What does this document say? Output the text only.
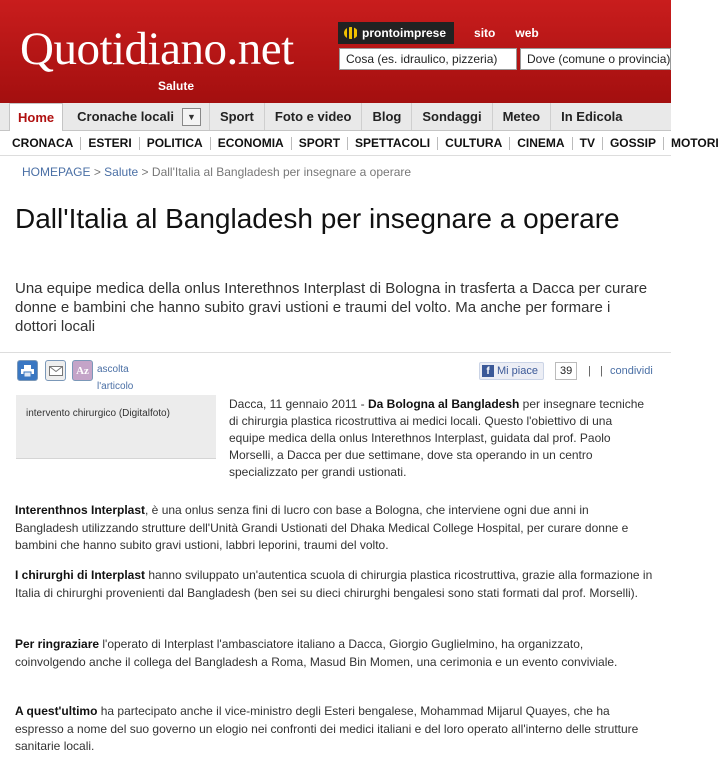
Quotidiano.net
Salute
prontoimprese sito web
Cosa (es. idraulico, pizzeria)	Dove (comune o provincia)
Home	Cronache locali	▼	Sport	Foto e video	Blog	Sondaggi	Meteo	In Edicola
CRONACA	ESTERI	POLITICA	ECONOMIA	SPORT	SPETTACOLI	CULTURA	CINEMA	TV	GOSSIP	MOTORI
HOMEPAGE > Salute > Dall'Italia al Bangladesh per insegnare a operare
Dall'Italia al Bangladesh per insegnare a operare
Una equipe medica della onlus Interethnos Interplast di Bologna in trasferta a Dacca per curare donne e bambini che hanno subito gravi ustioni e traumi del volto. Ma anche per formare i dottori locali
Az ascolta
l'articolo
f Mi piace	39	| | condividi
intervento chirurgico (Digitalfoto)
Dacca, 11 gennaio 2011 - Da Bologna al Bangladesh per insegnare tecniche di chirurgia plastica ricostruttiva ai medici locali. Questo l'obiettivo di una equipe medica della onlus Interethnos Interplast, guidata dal prof. Paolo Morselli, a Dacca per due settimane, dove sta operando in un centro specializzato per grandi ustionati.
Interenthnos Interplast, è una onlus senza fini di lucro con base a Bologna, che interviene ogni due anni in Bangladesh utilizzando strutture dell'Unità Grandi Ustionati del Dhaka Medical College Hospital, per curare donne e bambini che hanno subito gravi ustioni, labbri leporini, traumi del volto.
I chirurghi di Interplast hanno sviluppato un'autentica scuola di chirurgia plastica ricostruttiva, grazie alla formazione in Italia di chirurghi provenienti dal Bangladesh (ben sei su dieci chirurghi bengalesi sono stati formati dal prof. Morselli).
Per ringraziare l'operato di Interplast l'ambasciatore italiano a Dacca, Giorgio Guglielmino, ha organizzato, coinvolgendo anche il collega del Bangladesh a Roma, Masud Bin Momen, una cerimonia e un evento conviviale.
A quest'ultimo ha partecipato anche il vice-ministro degli Esteri bengalese, Mohammad Mijarul Quayes, che ha espresso a nome del suo governo un elogio nei confronti dei medici italiani e del loro operato all'interno delle strutture sanitarie locali.
